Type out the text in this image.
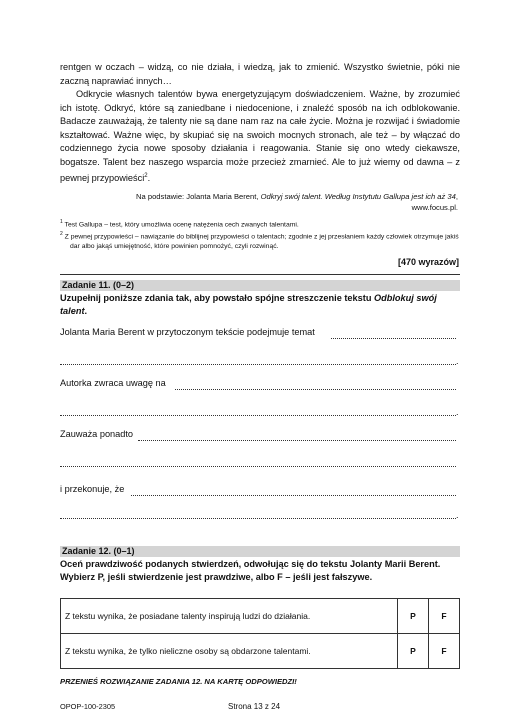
rentgen w oczach – widzą, co nie działa, i wiedzą, jak to zmienić. Wszystko świetnie, póki nie zaczną naprawiać innych…
Odkrycie własnych talentów bywa energetyzującym doświadczeniem. Ważne, by zrozumieć ich istotę. Odkryć, które są zaniedbane i niedocenione, i znaleźć sposób na ich odblokowanie. Badacze zauważają, że talenty nie są dane nam raz na całe życie. Można je rozwijać i świadomie kształtować. Ważne więc, by skupiać się na swoich mocnych stronach, ale też – by włączać do codziennego życia nowe sposoby działania i reagowania. Stanie się ono wtedy ciekawsze, bogatsze. Talent bez naszego wsparcia może przecież zmarnieć. Ale to już wiemy od dawna – z pewnej przypowieści$^2$.
Na podstawie: Jolanta Maria Berent, Odkryj swój talent. Według Instytutu Gallupa jest ich aż 34,
www.focus.pl.
$^1$ Test Gallupa – test, który umożliwia ocenę natężenia cech zwanych talentami.
$^2$ Z pewnej przypowieści – nawiązanie do biblijnej przypowieści o talentach; zgodnie z jej przesłaniem każdy człowiek otrzymuje jakiś dar albo jakąś umiejętność, które powinien pomnożyć, czyli rozwinąć.
[470 wyrazów]
Zadanie 11. (0–2)
Uzupełnij poniższe zdania tak, aby powstało spójne streszczenie tekstu Odblokuj swój talent.
Jolanta Maria Berent w przytoczonym tekście podejmuje temat
.
Autorka zwraca uwagę na
.
Zauważa ponadto
i przekonuje, że
.
Zadanie 12. (0–1)
Oceń prawdziwość podanych stwierdzeń, odwołując się do tekstu Jolanty Marii Berent. Wybierz P, jeśli stwierdzenie jest prawdziwe, albo F – jeśli jest fałszywe.
Z tekstu wynika, że posiadane talenty inspirują ludzi do działania.	P	F
Z tekstu wynika, że tylko nieliczne osoby są obdarzone talentami.	P	F
PRZENIEŚ ROZWIĄZANIE ZADANIA 12. NA KARTĘ ODPOWIEDZI!
OPOP-100-2305	Strona 13 z 24
